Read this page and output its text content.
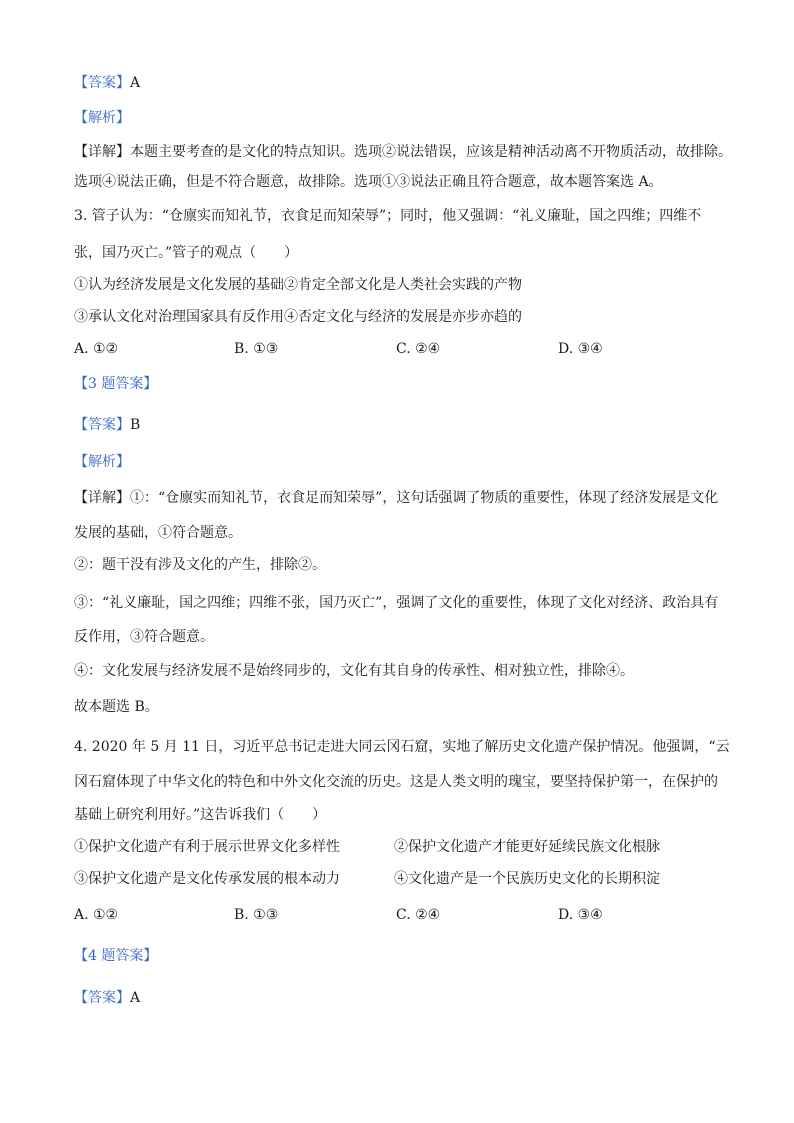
【答案】A
【解析】
【详解】本题主要考查的是文化的特点知识。选项②说法错误，应该是精神活动离不开物质活动，故排除。
选项④说法正确，但是不符合题意，故排除。选项①③说法正确且符合题意，故本题答案选 A。
3. 管子认为：“仓廪实而知礼节，衣食足而知荣辱”；同时，他又强调：“礼义廉耻，国之四维；四维不
张，国乃灭亡。”管子的观点（　　）
①认为经济发展是文化发展的基础②肯定全部文化是人类社会实践的产物
③承认文化对治理国家具有反作用④否定文化与经济的发展是亦步亦趋的
A. ①②	B. ①③	C. ②④	D. ③④
【3 题答案】
【答案】B
【解析】
【详解】①：“仓廪实而知礼节，衣食足而知荣辱”，这句话强调了物质的重要性，体现了经济发展是文化
发展的基础，①符合题意。
②：题干没有涉及文化的产生，排除②。
③：“礼义廉耻，国之四维；四维不张，国乃灭亡”，强调了文化的重要性，体现了文化对经济、政治具有
反作用，③符合题意。
④：文化发展与经济发展不是始终同步的，文化有其自身的传承性、相对独立性，排除④。
故本题选 B。
4. 2020 年 5 月 11 日，习近平总书记走进大同云冈石窟，实地了解历史文化遗产保护情况。他强调，“云
冈石窟体现了中华文化的特色和中外文化交流的历史。这是人类文明的瑰宝，要坚持保护第一，在保护的
基础上研究利用好。”这告诉我们（　　）
①保护文化遗产有利于展示世界文化多样性	②保护文化遗产才能更好延续民族文化根脉
③保护文化遗产是文化传承发展的根本动力	④文化遗产是一个民族历史文化的长期积淀
A. ①②	B. ①③	C. ②④	D. ③④
【4 题答案】
【答案】A
